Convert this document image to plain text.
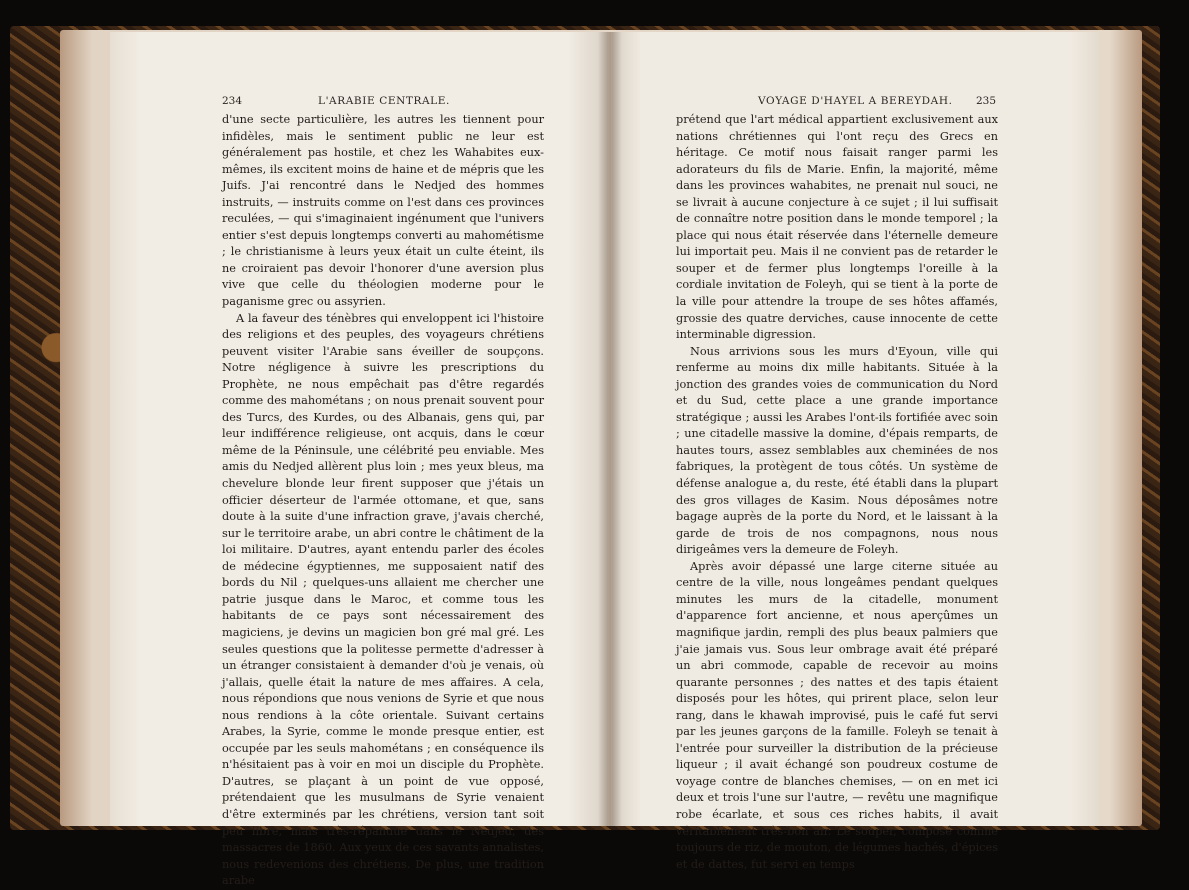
234	L'ARABIE CENTRALE.	VOYAGE D'HAYEL A BEREYDAH. 235

d'une secte particulière, les autres les tiennent pour infidèles, mais le sentiment public ne leur est généralement pas hostile, et chez les Wahabites eux-mêmes, ils excitent moins de haine et de mépris que les Juifs. J'ai rencontré dans le Nedjed des hommes instruits, — instruits comme on l'est dans ces provinces reculées, — qui s'imaginaient ingénument que l'univers entier s'est depuis longtemps converti au mahométisme ; le christianisme à leurs yeux était un culte éteint, ils ne croiraient pas devoir l'honorer d'une aversion plus vive que celle du théologien moderne pour le paganisme grec ou assyrien.

A la faveur des ténèbres qui enveloppent ici l'histoire des religions et des peuples, des voyageurs chrétiens peuvent visiter l'Arabie sans éveiller de soupçons. Notre négligence à suivre les prescriptions du Prophète, ne nous empêchait pas d'être regardés comme des mahométans ; on nous prenait souvent pour des Turcs, des Kurdes, ou des Albanais, gens qui, par leur indifférence religieuse, ont acquis, dans le cœur même de la Péninsule, une célébrité peu enviable. Mes amis du Nedjed allèrent plus loin ; mes yeux bleus, ma chevelure blonde leur firent supposer que j'étais un officier déserteur de l'armée ottomane, et que, sans doute à la suite d'une infraction grave, j'avais cherché, sur le territoire arabe, un abri contre le châtiment de la loi militaire. D'autres, ayant entendu parler des écoles de médecine égyptiennes, me supposaient natif des bords du Nil ; quelques-uns allaient me chercher une patrie jusque dans le Maroc, et comme tous les habitants de ce pays sont nécessairement des magiciens, je devins un magicien bon gré mal gré. Les seules questions que la politesse permette d'adresser à un étranger consistaient à demander d'où je venais, où j'allais, quelle était la nature de mes affaires. A cela, nous répondions que nous venions de Syrie et que nous nous rendions à la côte orientale. Suivant certains Arabes, la Syrie, comme le monde presque entier, est occupée par les seuls mahométans ; en conséquence ils n'hésitaient pas à voir en moi un disciple du Prophète. D'autres, se plaçant à un point de vue opposé, prétendaient que les musulmans de Syrie venaient d'être exterminés par les chrétiens, version tant soit peu libre, mais très-répandue dans le Nedjed, des massacres de 1860. Aux yeux de ces savants annalistes, nous redevenions des chrétiens. De plus, une tradition arabe

prétend que l'art médical appartient exclusivement aux nations chrétiennes qui l'ont reçu des Grecs en héritage. Ce motif nous faisait ranger parmi les adorateurs du fils de Marie. Enfin, la majorité, même dans les provinces wahabites, ne prenait nul souci, ne se livrait à aucune conjecture à ce sujet ; il lui suffisait de connaître notre position dans le monde temporel ; la place qui nous était réservée dans l'éternelle demeure lui importait peu. Mais il ne convient pas de retarder le souper et de fermer plus longtemps l'oreille à la cordiale invitation de Foleyh, qui se tient à la porte de la ville pour attendre la troupe de ses hôtes affamés, grossie des quatre derviches, cause innocente de cette interminable digression.

Nous arrivions sous les murs d'Eyoun, ville qui renferme au moins dix mille habitants. Située à la jonction des grandes voies de communication du Nord et du Sud, cette place a une grande importance stratégique ; aussi les Arabes l'ont-ils fortifiée avec soin ; une citadelle massive la domine, d'épais remparts, de hautes tours, assez semblables aux cheminées de nos fabriques, la protègent de tous côtés. Un système de défense analogue a, du reste, été établi dans la plupart des gros villages de Kasim. Nous déposâmes notre bagage auprès de la porte du Nord, et le laissant à la garde de trois de nos compagnons, nous nous dirigeâmes vers la demeure de Foleyh.

Après avoir dépassé une large citerne située au centre de la ville, nous longeâmes pendant quelques minutes les murs de la citadelle, monument d'apparence fort ancienne, et nous aperçûmes un magnifique jardin, rempli des plus beaux palmiers que j'aie jamais vus. Sous leur ombrage avait été préparé un abri commode, capable de recevoir au moins quarante personnes ; des nattes et des tapis étaient disposés pour les hôtes, qui prirent place, selon leur rang, dans le khawah improvisé, puis le café fut servi par les jeunes garçons de la famille. Foleyh se tenait à l'entrée pour surveiller la distribution de la précieuse liqueur ; il avait échangé son poudreux costume de voyage contre de blanches chemises, — on en met ici deux et trois l'une sur l'autre, — revêtu une magnifique robe écarlate, et sous ces riches habits, il avait véritablement très-bon air. Le souper, composé comme toujours de riz, de mouton, de légumes hachés, d'épices et de dattes, fut servi en temps
